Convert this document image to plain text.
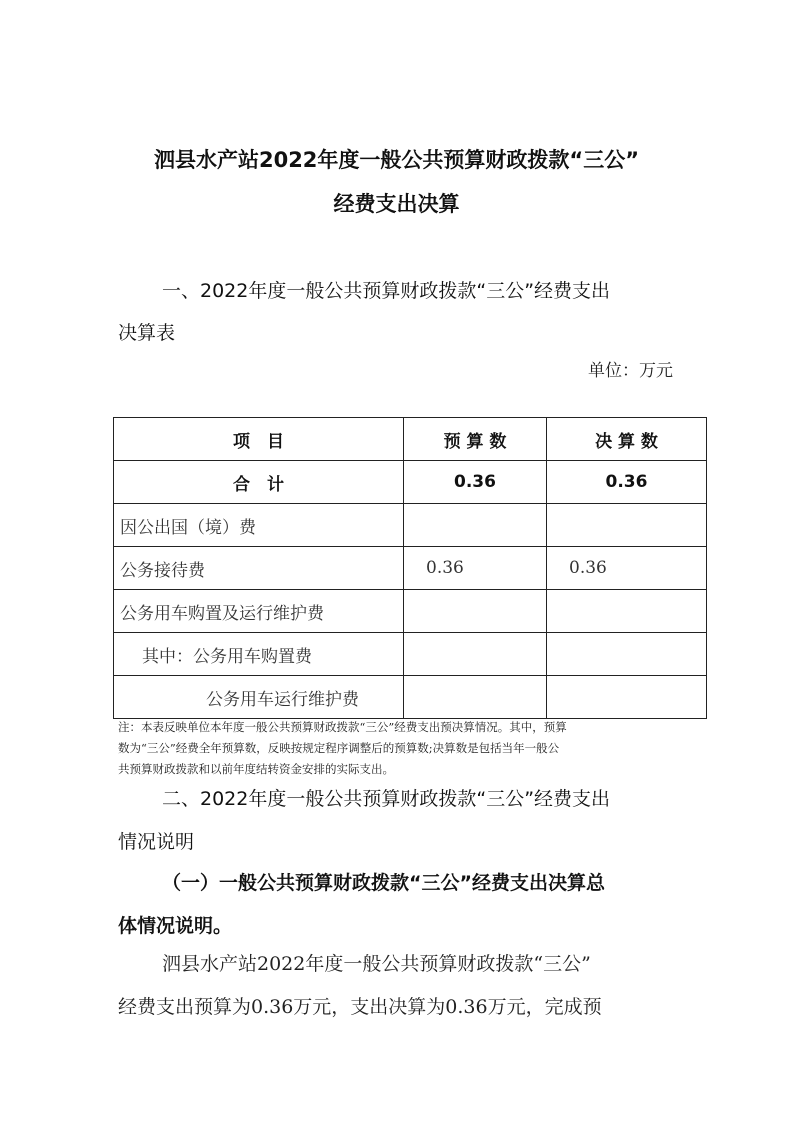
泗县水产站2022年度一般公共预算财政拨款“三公”
经费支出决算
一、2022年度一般公共预算财政拨款“三公”经费支出
决算表
单位：万元
项　目	预 算 数	决 算 数
合　计	0.36	0.36
因公出国（境）费		
公务接待费	0.36	0.36
公务用车购置及运行维护费		
其中：公务用车购置费		
公务用车运行维护费		
注：本表反映单位本年度一般公共预算财政拨款“三公”经费支出预决算情况。其中，预算
数为“三公”经费全年预算数，反映按规定程序调整后的预算数;决算数是包括当年一般公
共预算财政拨款和以前年度结转资金安排的实际支出。
二、2022年度一般公共预算财政拨款“三公”经费支出
情况说明
（一）一般公共预算财政拨款“三公”经费支出决算总
体情况说明。
泗县水产站2022年度一般公共预算财政拨款“三公”
经费支出预算为0.36万元，支出决算为0.36万元，完成预
